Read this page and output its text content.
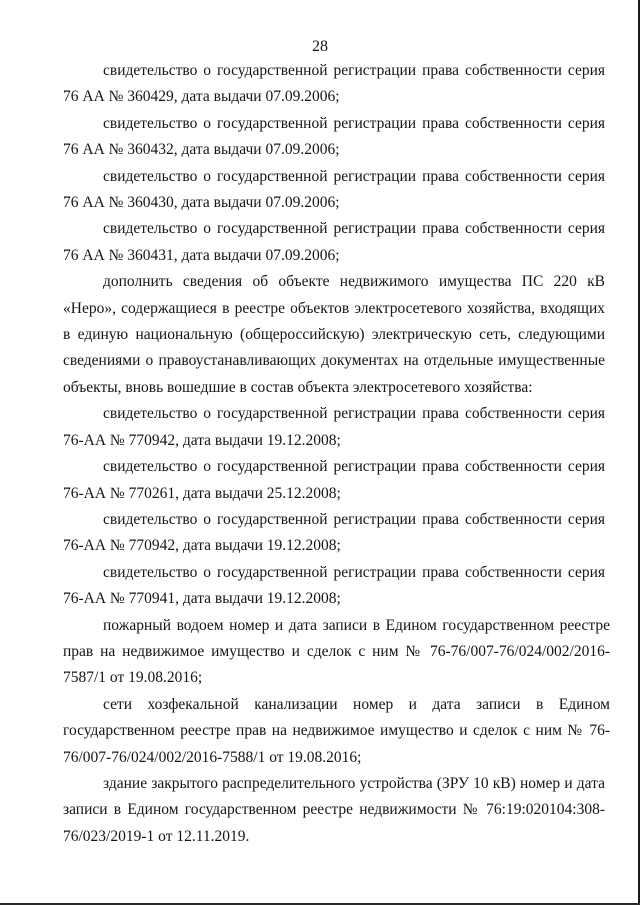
28

свидетельство о государственной регистрации права собственности серия 76 АА № 360429, дата выдачи 07.09.2006;

свидетельство о государственной регистрации права собственности серия 76 АА № 360432, дата выдачи 07.09.2006;

свидетельство о государственной регистрации права собственности серия 76 АА № 360430, дата выдачи 07.09.2006;

свидетельство о государственной регистрации права собственности серия 76 АА № 360431, дата выдачи 07.09.2006;

дополнить сведения об объекте недвижимого имущества ПС 220 кВ «Неро», содержащиеся в реестре объектов электросетевого хозяйства, входящих в единую национальную (общероссийскую) электрическую сеть, следующими сведениями о правоустанавливающих документах на отдельные имущественные объекты, вновь вошедшие в состав объекта электросетевого хозяйства:

свидетельство о государственной регистрации права собственности серия 76-АА № 770942, дата выдачи 19.12.2008;

свидетельство о государственной регистрации права собственности серия 76-АА № 770261, дата выдачи 25.12.2008;

свидетельство о государственной регистрации права собственности серия 76-АА № 770942, дата выдачи 19.12.2008;

свидетельство о государственной регистрации права собственности серия 76-АА № 770941, дата выдачи 19.12.2008;

пожарный водоем номер и дата записи в Едином государственном реестре прав на недвижимое имущество и сделок с ним № 76-76/007-76/024/002/2016-7587/1 от 19.08.2016;

сети хозфекальной канализации номер и дата записи в Едином государственном реестре прав на недвижимое имущество и сделок с ним № 76-76/007-76/024/002/2016-7588/1 от 19.08.2016;

здание закрытого распределительного устройства (ЗРУ 10 кВ) номер и дата записи в Едином государственном реестре недвижимости № 76:19:020104:308-76/023/2019-1 от 12.11.2019.
